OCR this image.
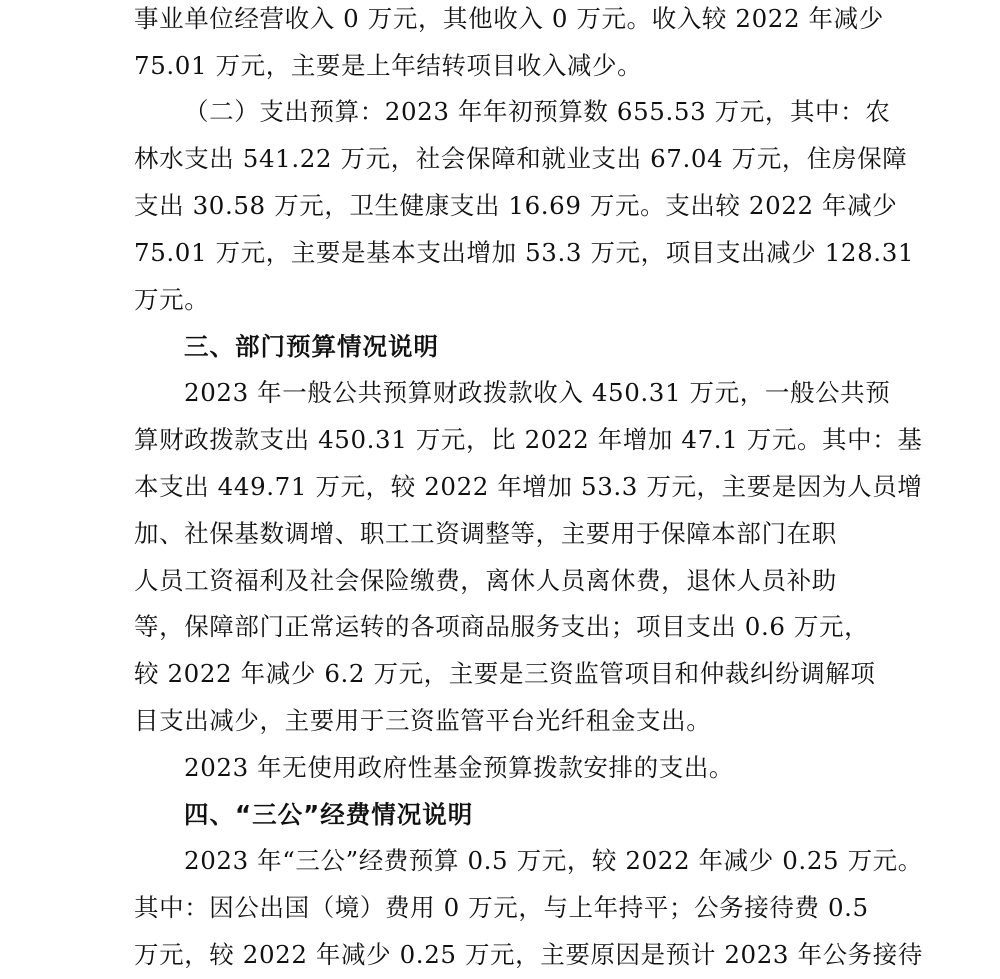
事业单位经营收入 0 万元，其他收入 0 万元。收入较 2022 年减少
75.01 万元，主要是上年结转项目收入减少。
（二）支出预算：2023 年年初预算数 655.53 万元，其中：农
林水支出 541.22 万元，社会保障和就业支出 67.04 万元，住房保障
支出 30.58 万元，卫生健康支出 16.69 万元。支出较 2022 年减少
75.01 万元，主要是基本支出增加 53.3 万元，项目支出减少 128.31
万元。
三、部门预算情况说明
2023 年一般公共预算财政拨款收入 450.31 万元，一般公共预
算财政拨款支出 450.31 万元，比 2022 年增加 47.1 万元。其中：基
本支出 449.71 万元，较 2022 年增加 53.3 万元，主要是因为人员增
加、社保基数调增、职工工资调整等，主要用于保障本部门在职
人员工资福利及社会保险缴费，离休人员离休费，退休人员补助
等，保障部门正常运转的各项商品服务支出；项目支出 0.6 万元，
较 2022 年减少 6.2 万元，主要是三资监管项目和仲裁纠纷调解项
目支出减少，主要用于三资监管平台光纤租金支出。
2023 年无使用政府性基金预算拨款安排的支出。
四、“三公”经费情况说明
2023 年“三公”经费预算 0.5 万元，较 2022 年减少 0.25 万元。
其中：因公出国（境）费用 0 万元，与上年持平；公务接待费 0.5
万元，较 2022 年减少 0.25 万元，主要原因是预计 2023 年公务接待
